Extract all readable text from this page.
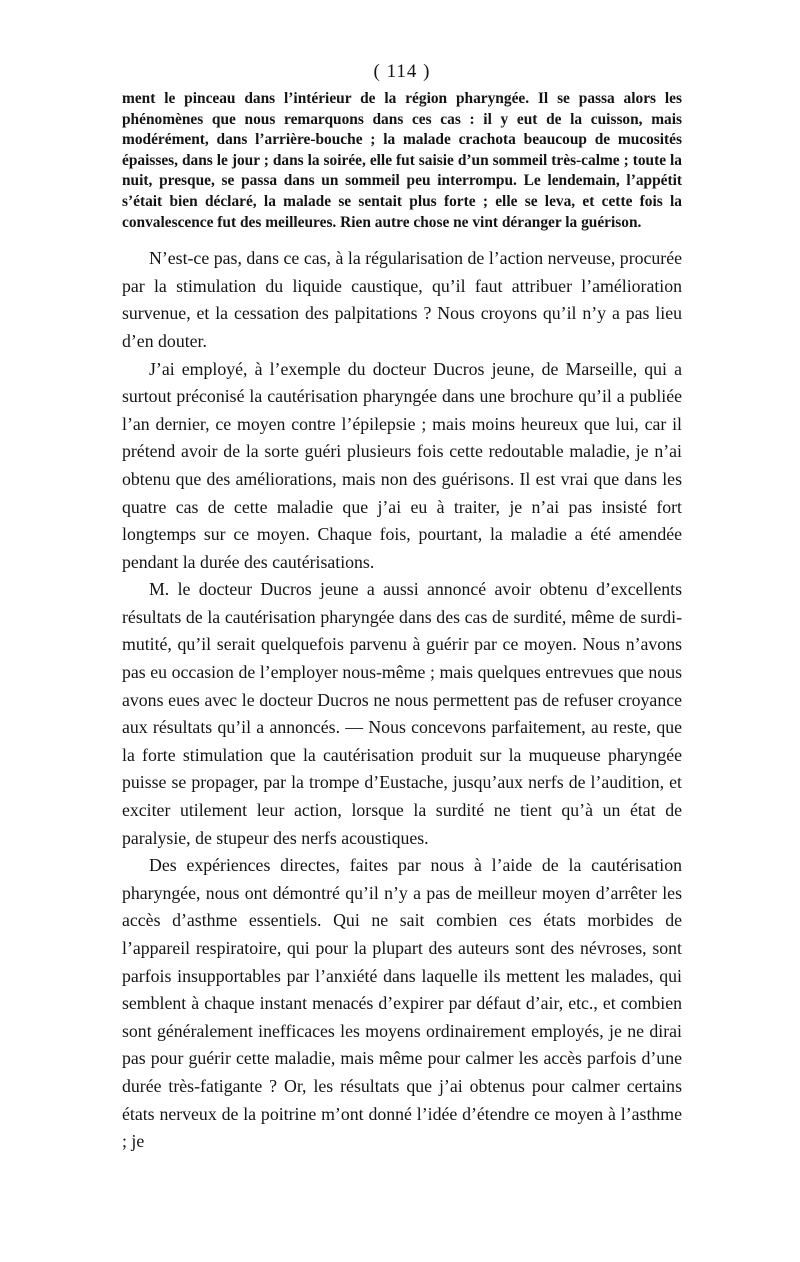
( 114 )

ment le pinceau dans l’intérieur de la région pharyngée. Il se passa alors les phénomènes que nous remarquons dans ces cas : il y eut de la cuisson, mais modérément, dans l’arrière-bouche ; la malade crachota beaucoup de mucosités épaisses, dans le jour ; dans la soirée, elle fut saisie d’un sommeil très-calme ; toute la nuit, presque, se passa dans un sommeil peu interrompu. Le lendemain, l’appétit s’était bien déclaré, la malade se sentait plus forte ; elle se leva, et cette fois la convalescence fut des meilleures. Rien autre chose ne vint déranger la guérison.

N’est-ce pas, dans ce cas, à la régularisation de l’action nerveuse, procurée par la stimulation du liquide caustique, qu’il faut attribuer l’amélioration survenue, et la cessation des palpitations ? Nous croyons qu’il n’y a pas lieu d’en douter.

J’ai employé, à l’exemple du docteur Ducros jeune, de Marseille, qui a surtout préconisé la cautérisation pharyngée dans une brochure qu’il a publiée l’an dernier, ce moyen contre l’épilepsie ; mais moins heureux que lui, car il prétend avoir de la sorte guéri plusieurs fois cette redoutable maladie, je n’ai obtenu que des améliorations, mais non des guérisons. Il est vrai que dans les quatre cas de cette maladie que j’ai eu à traiter, je n’ai pas insisté fort longtemps sur ce moyen. Chaque fois, pourtant, la maladie a été amendée pendant la durée des cautérisations.

M. le docteur Ducros jeune a aussi annoncé avoir obtenu d’excellents résultats de la cautérisation pharyngée dans des cas de surdité, même de surdi-mutité, qu’il serait quelquefois parvenu à guérir par ce moyen. Nous n’avons pas eu occasion de l’employer nous-même ; mais quelques entrevues que nous avons eues avec le docteur Ducros ne nous permettent pas de refuser croyance aux résultats qu’il a annoncés. — Nous concevons parfaitement, au reste, que la forte stimulation que la cautérisation produit sur la muqueuse pharyngée puisse se propager, par la trompe d’Eustache, jusqu’aux nerfs de l’audition, et exciter utilement leur action, lorsque la surdité ne tient qu’à un état de paralysie, de stupeur des nerfs acoustiques.

Des expériences directes, faites par nous à l’aide de la cautérisation pharyngée, nous ont démontré qu’il n’y a pas de meilleur moyen d’arrêter les accès d’asthme essentiels. Qui ne sait combien ces états morbides de l’appareil respiratoire, qui pour la plupart des auteurs sont des névroses, sont parfois insupportables par l’anxiété dans laquelle ils mettent les malades, qui semblent à chaque instant menacés d’expirer par défaut d’air, etc., et combien sont généralement inefficaces les moyens ordinairement employés, je ne dirai pas pour guérir cette maladie, mais même pour calmer les accès parfois d’une durée très-fatigante ? Or, les résultats que j’ai obtenus pour calmer certains états nerveux de la poitrine m’ont donné l’idée d’étendre ce moyen à l’asthme ; je
